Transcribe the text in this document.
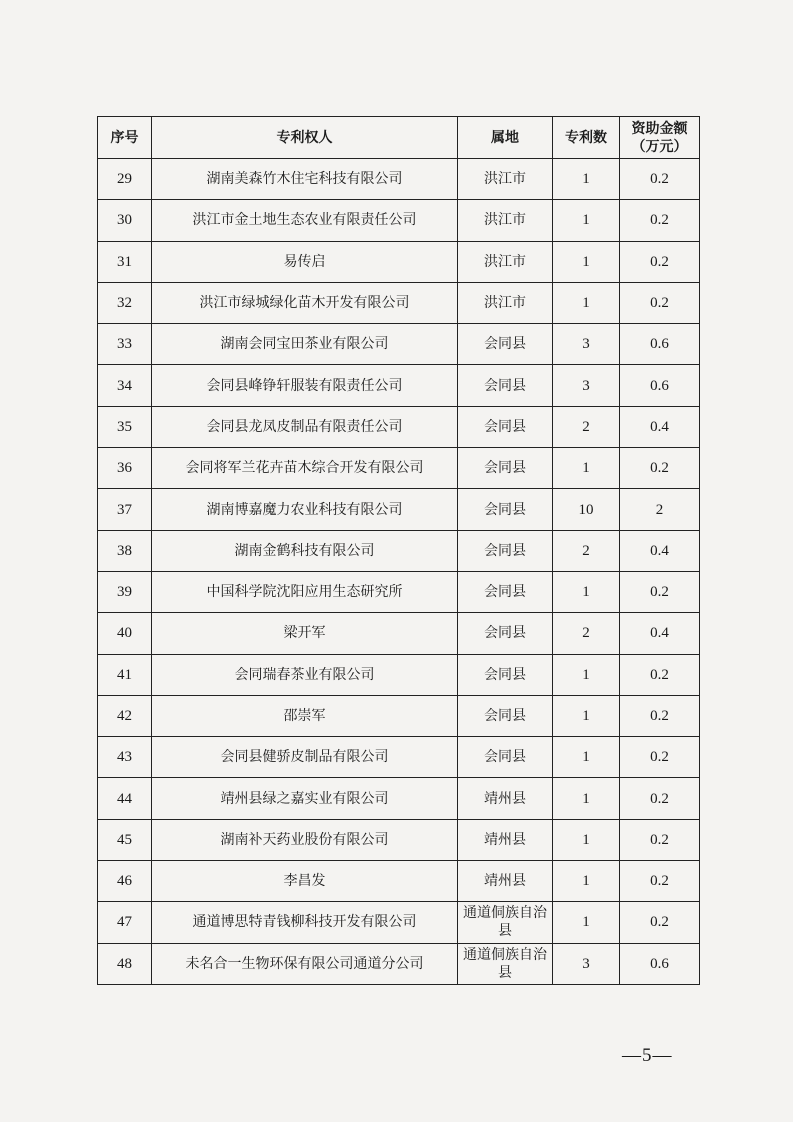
序号	专利权人	属地	专利数	资助金额
（万元）
29	湖南美森竹木住宅科技有限公司	洪江市	1	0.2
30	洪江市金土地生态农业有限责任公司	洪江市	1	0.2
31	易传启	洪江市	1	0.2
32	洪江市绿城绿化苗木开发有限公司	洪江市	1	0.2
33	湖南会同宝田茶业有限公司	会同县	3	0.6
34	会同县峰铮轩服装有限责任公司	会同县	3	0.6
35	会同县龙凤皮制品有限责任公司	会同县	2	0.4
36	会同将军兰花卉苗木综合开发有限公司	会同县	1	0.2
37	湖南博嘉魔力农业科技有限公司	会同县	10	2
38	湖南金鹤科技有限公司	会同县	2	0.4
39	中国科学院沈阳应用生态研究所	会同县	1	0.2
40	梁开军	会同县	2	0.4
41	会同瑞春茶业有限公司	会同县	1	0.2
42	邵崇军	会同县	1	0.2
43	会同县健骄皮制品有限公司	会同县	1	0.2
44	靖州县绿之嘉实业有限公司	靖州县	1	0.2
45	湖南补天药业股份有限公司	靖州县	1	0.2
46	李昌发	靖州县	1	0.2
47	通道博思特青钱柳科技开发有限公司	通道侗族自治县	1	0.2
48	未名合一生物环保有限公司通道分公司	通道侗族自治县	3	0.6
—5—
